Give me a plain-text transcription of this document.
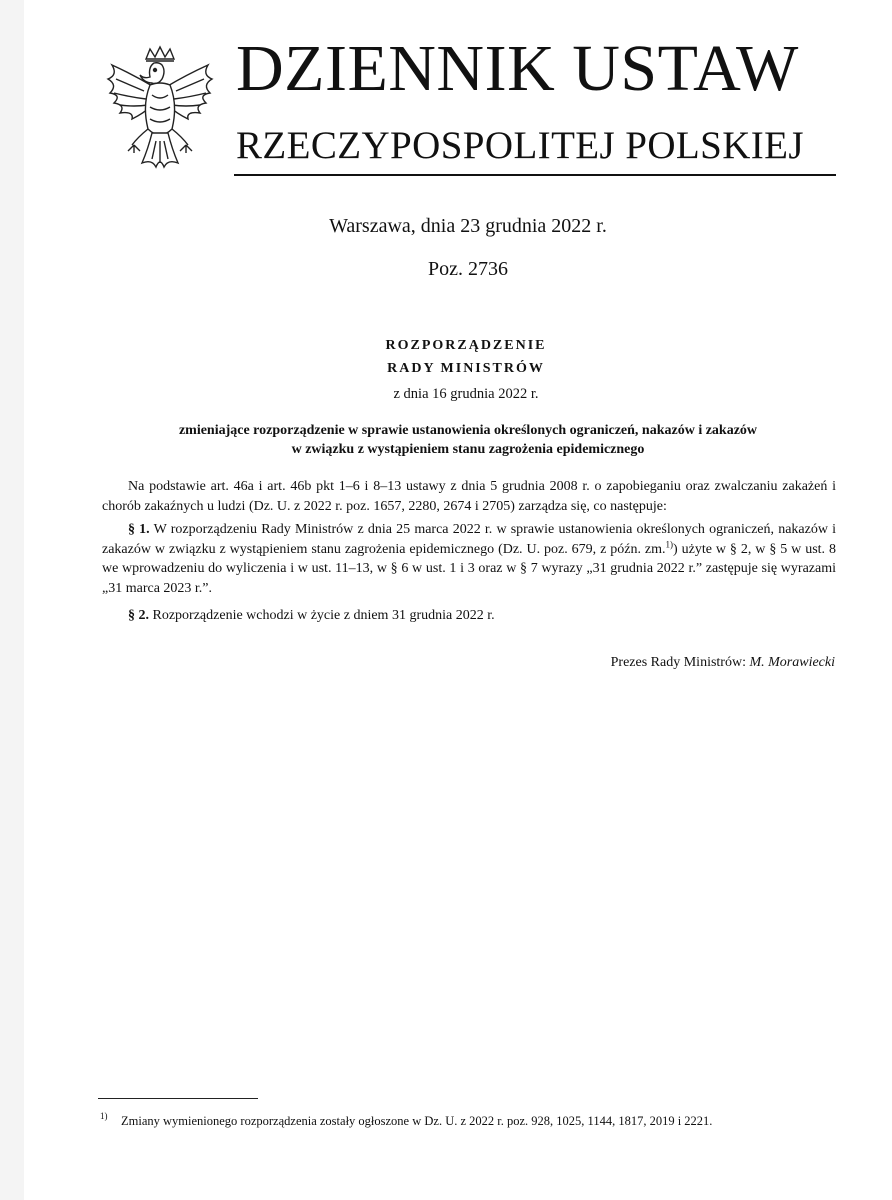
DZIENNIK USTAW
RZECZYPOSPOLITEJ POLSKIEJ
Warszawa, dnia 23 grudnia 2022 r.
Poz. 2736
ROZPORZĄDZENIE
RADY MINISTRÓW
z dnia 16 grudnia 2022 r.
zmieniające rozporządzenie w sprawie ustanowienia określonych ograniczeń, nakazów i zakazów
w związku z wystąpieniem stanu zagrożenia epidemicznego
Na podstawie art. 46a i art. 46b pkt 1–6 i 8–13 ustawy z dnia 5 grudnia 2008 r. o zapobieganiu oraz zwalczaniu zakażeń i chorób zakaźnych u ludzi (Dz. U. z 2022 r. poz. 1657, 2280, 2674 i 2705) zarządza się, co następuje:
§ 1. W rozporządzeniu Rady Ministrów z dnia 25 marca 2022 r. w sprawie ustanowienia określonych ograniczeń, nakazów i zakazów w związku z wystąpieniem stanu zagrożenia epidemicznego (Dz. U. poz. 679, z późn. zm.$^{1)}$) użyte w § 2, w § 5 w ust. 8 we wprowadzeniu do wyliczenia i w ust. 11–13, w § 6 w ust. 1 i 3 oraz w § 7 wyrazy „31 grudnia 2022 r.” zastępuje się wyrazami „31 marca 2023 r.”.
§ 2. Rozporządzenie wchodzi w życie z dniem 31 grudnia 2022 r.
Prezes Rady Ministrów: M. Morawiecki
1) Zmiany wymienionego rozporządzenia zostały ogłoszone w Dz. U. z 2022 r. poz. 928, 1025, 1144, 1817, 2019 i 2221.
